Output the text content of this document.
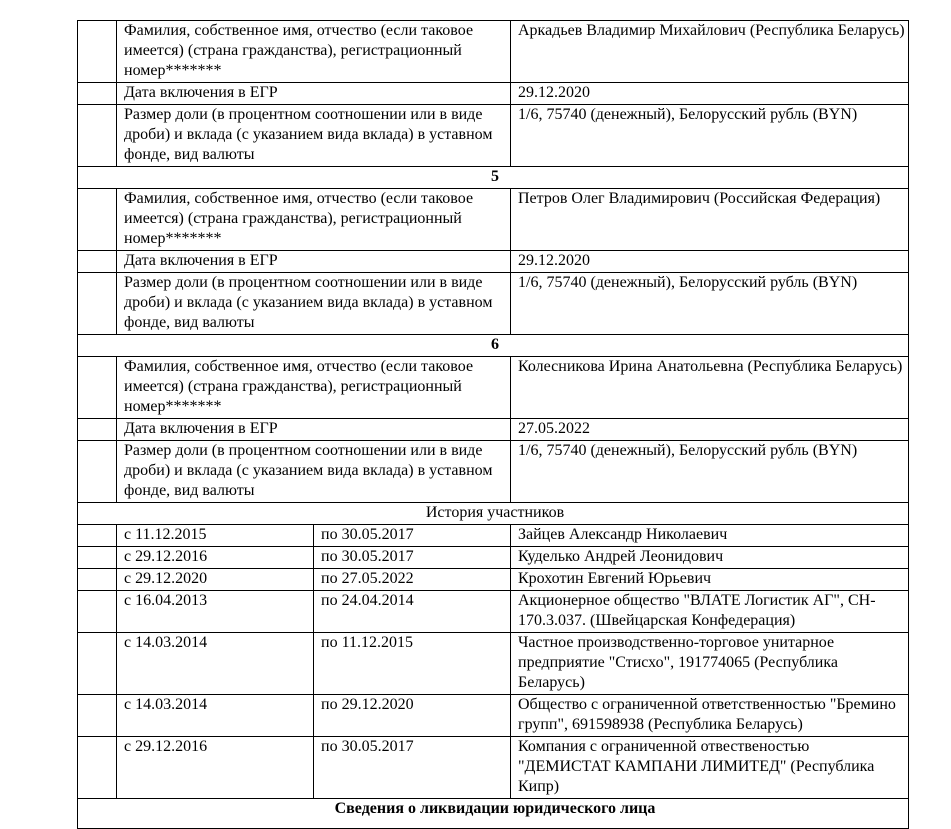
	Фамилия, собственное имя, отчество (если таковое имеется) (страна гражданства), регистрационный номер*******		Аркадьев Владимир Михайлович (Республика Беларусь)
	Дата включения в ЕГР		29.12.2020
	Размер доли (в процентном соотношении или в виде дроби) и вклада (с указанием вида вклада) в уставном фонде, вид валюты		1/6, 75740 (денежный), Белорусский рубль (BYN)
5			
	Фамилия, собственное имя, отчество (если таковое имеется) (страна гражданства), регистрационный номер*******		Петров Олег Владимирович (Российская Федерация)
	Дата включения в ЕГР		29.12.2020
	Размер доли (в процентном соотношении или в виде дроби) и вклада (с указанием вида вклада) в уставном фонде, вид валюты		1/6, 75740 (денежный), Белорусский рубль (BYN)
6			
	Фамилия, собственное имя, отчество (если таковое имеется) (страна гражданства), регистрационный номер*******		Колесникова Ирина Анатольевна (Республика Беларусь)
	Дата включения в ЕГР		27.05.2022
	Размер доли (в процентном соотношении или в виде дроби) и вклада (с указанием вида вклада) в уставном фонде, вид валюты		1/6, 75740 (денежный), Белорусский рубль (BYN)
История участников			
	с 11.12.2015	по 30.05.2017	Зайцев Александр Николаевич
	с 29.12.2016	по 30.05.2017	Куделько Андрей Леонидович
	с 29.12.2020	по 27.05.2022	Крохотин Евгений Юрьевич
	с 16.04.2013	по 24.04.2014	Акционерное общество "ВЛАТЕ Логистик АГ", CH-170.3.037. (Швейцарская Конфедерация)
	с 14.03.2014	по 11.12.2015	Частное производственно-торговое унитарное предприятие "Стисхо", 191774065 (Республика Беларусь)
	с 14.03.2014	по 29.12.2020	Общество с ограниченной ответственностью "Бремино групп", 691598938 (Республика Беларусь)
	с 29.12.2016	по 30.05.2017	Компания с ограниченной отвественостью "ДЕМИСТАТ КАМПАНИ ЛИМИТЕД" (Республика Кипр)
Сведения о ликвидации юридического лица			
